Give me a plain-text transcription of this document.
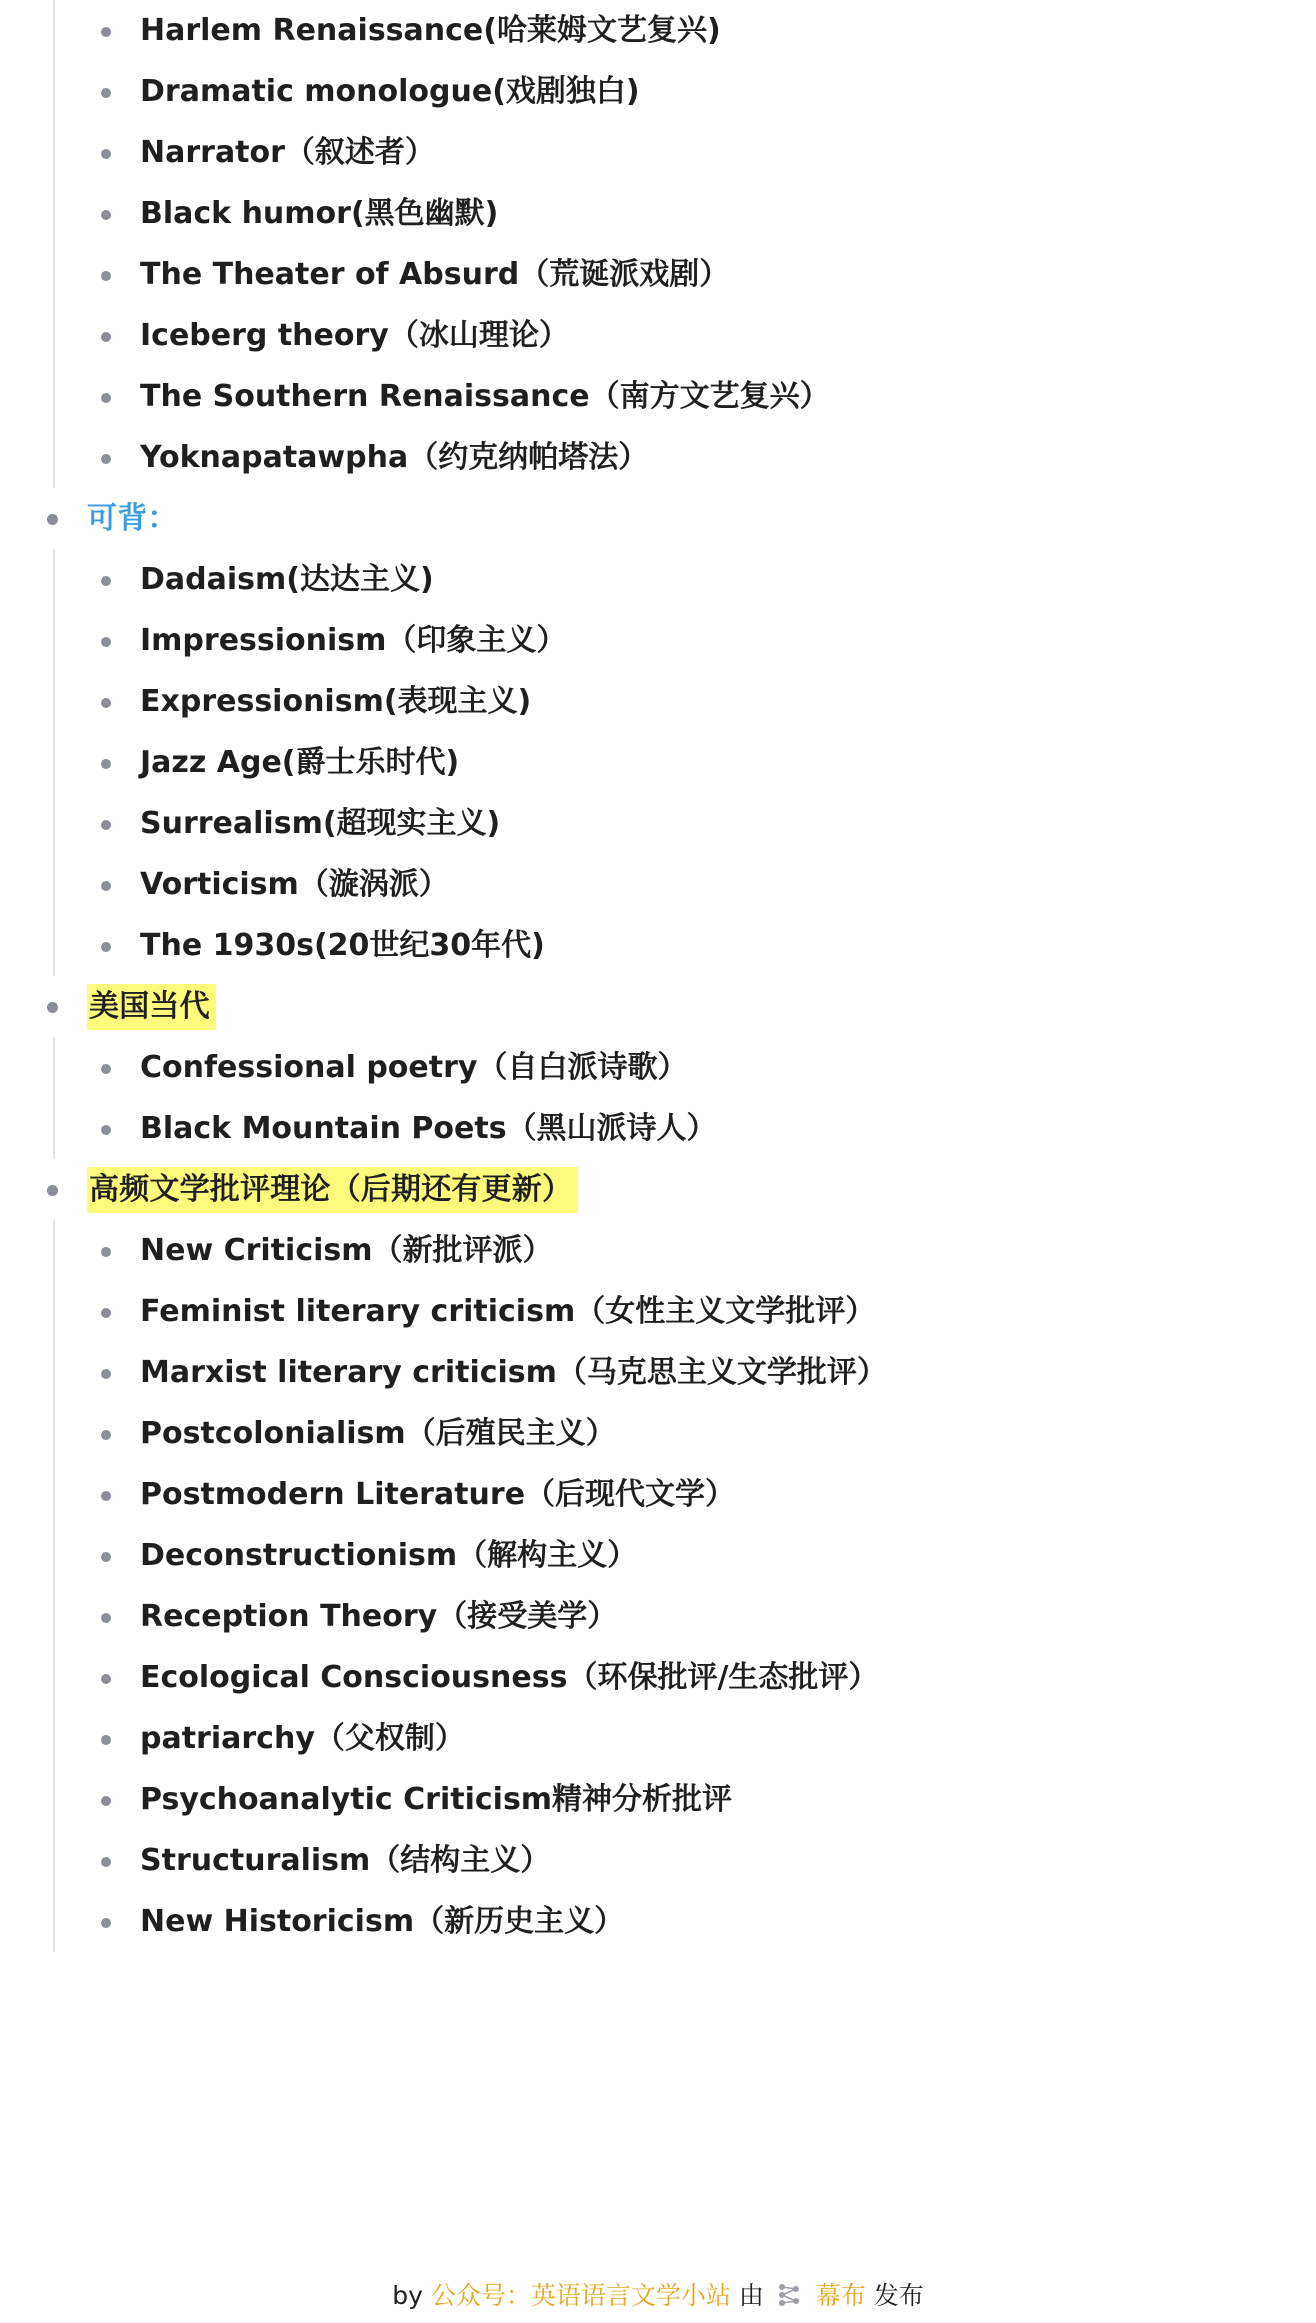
Harlem Renaissance(哈莱姆文艺复兴)
Dramatic monologue(戏剧独白)
Narrator（叙述者）
Black humor(黑色幽默)
The Theater of Absurd（荒诞派戏剧）
Iceberg theory（冰山理论）
The Southern Renaissance（南方文艺复兴）
Yoknapatawpha（约克纳帕塔法）
可背：
Dadaism(达达主义)
Impressionism（印象主义）
Expressionism(表现主义)
Jazz Age(爵士乐时代)
Surrealism(超现实主义)
Vorticism（漩涡派）
The 1930s(20世纪30年代)
美国当代
Confessional poetry（自白派诗歌）
Black Mountain Poets（黑山派诗人）
高频文学批评理论（后期还有更新）
New Criticism（新批评派）
Feminist literary criticism（女性主义文学批评）
Marxist literary criticism（马克思主义文学批评）
Postcolonialism（后殖民主义）
Postmodern Literature（后现代文学）
Deconstructionism（解构主义）
Reception Theory（接受美学）
Ecological Consciousness（环保批评/生态批评）
patriarchy（父权制）
Psychoanalytic Criticism精神分析批评
Structuralism（结构主义）
New Historicism（新历史主义）
by 公众号：英语语言文学小站 由 幕布 发布
